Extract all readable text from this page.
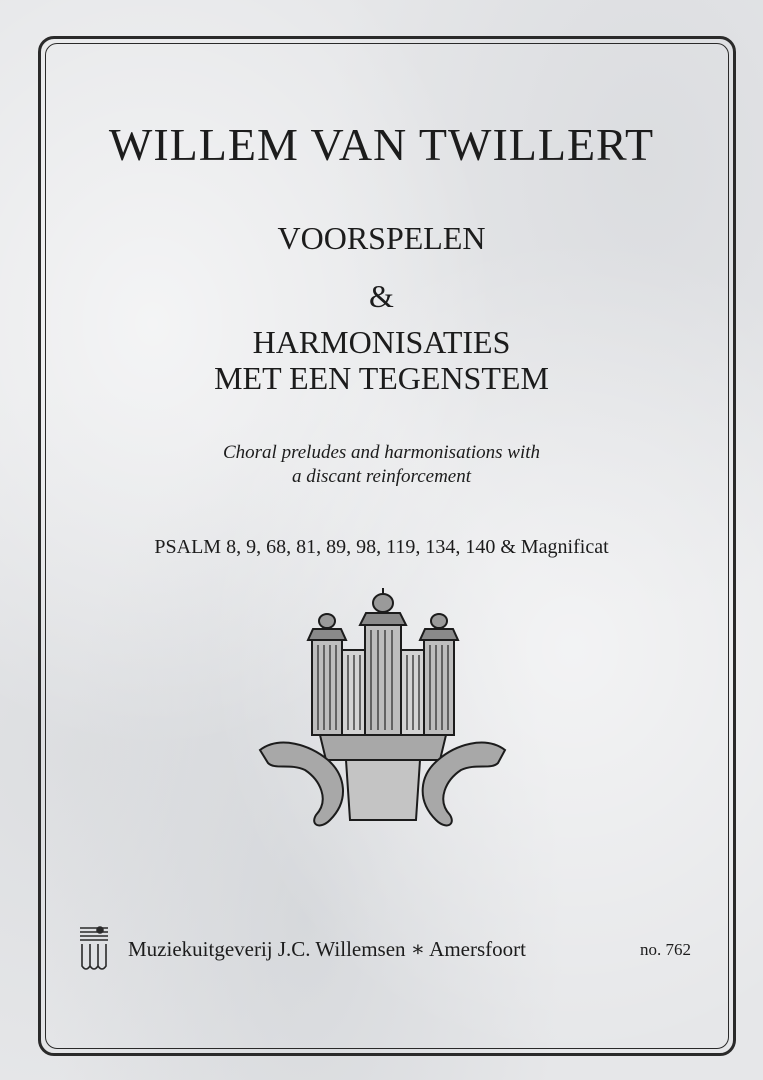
WILLEM VAN TWILLERT
VOORSPELEN
&
HARMONISATIES
MET EEN TEGENSTEM
Choral preludes and harmonisations with
a discant reinforcement
PSALM 8, 9, 68, 81, 89, 98, 119, 134, 140 & Magnificat
Muziekuitgeverij J.C. Willemsen ∗ Amersfoort	no. 762
